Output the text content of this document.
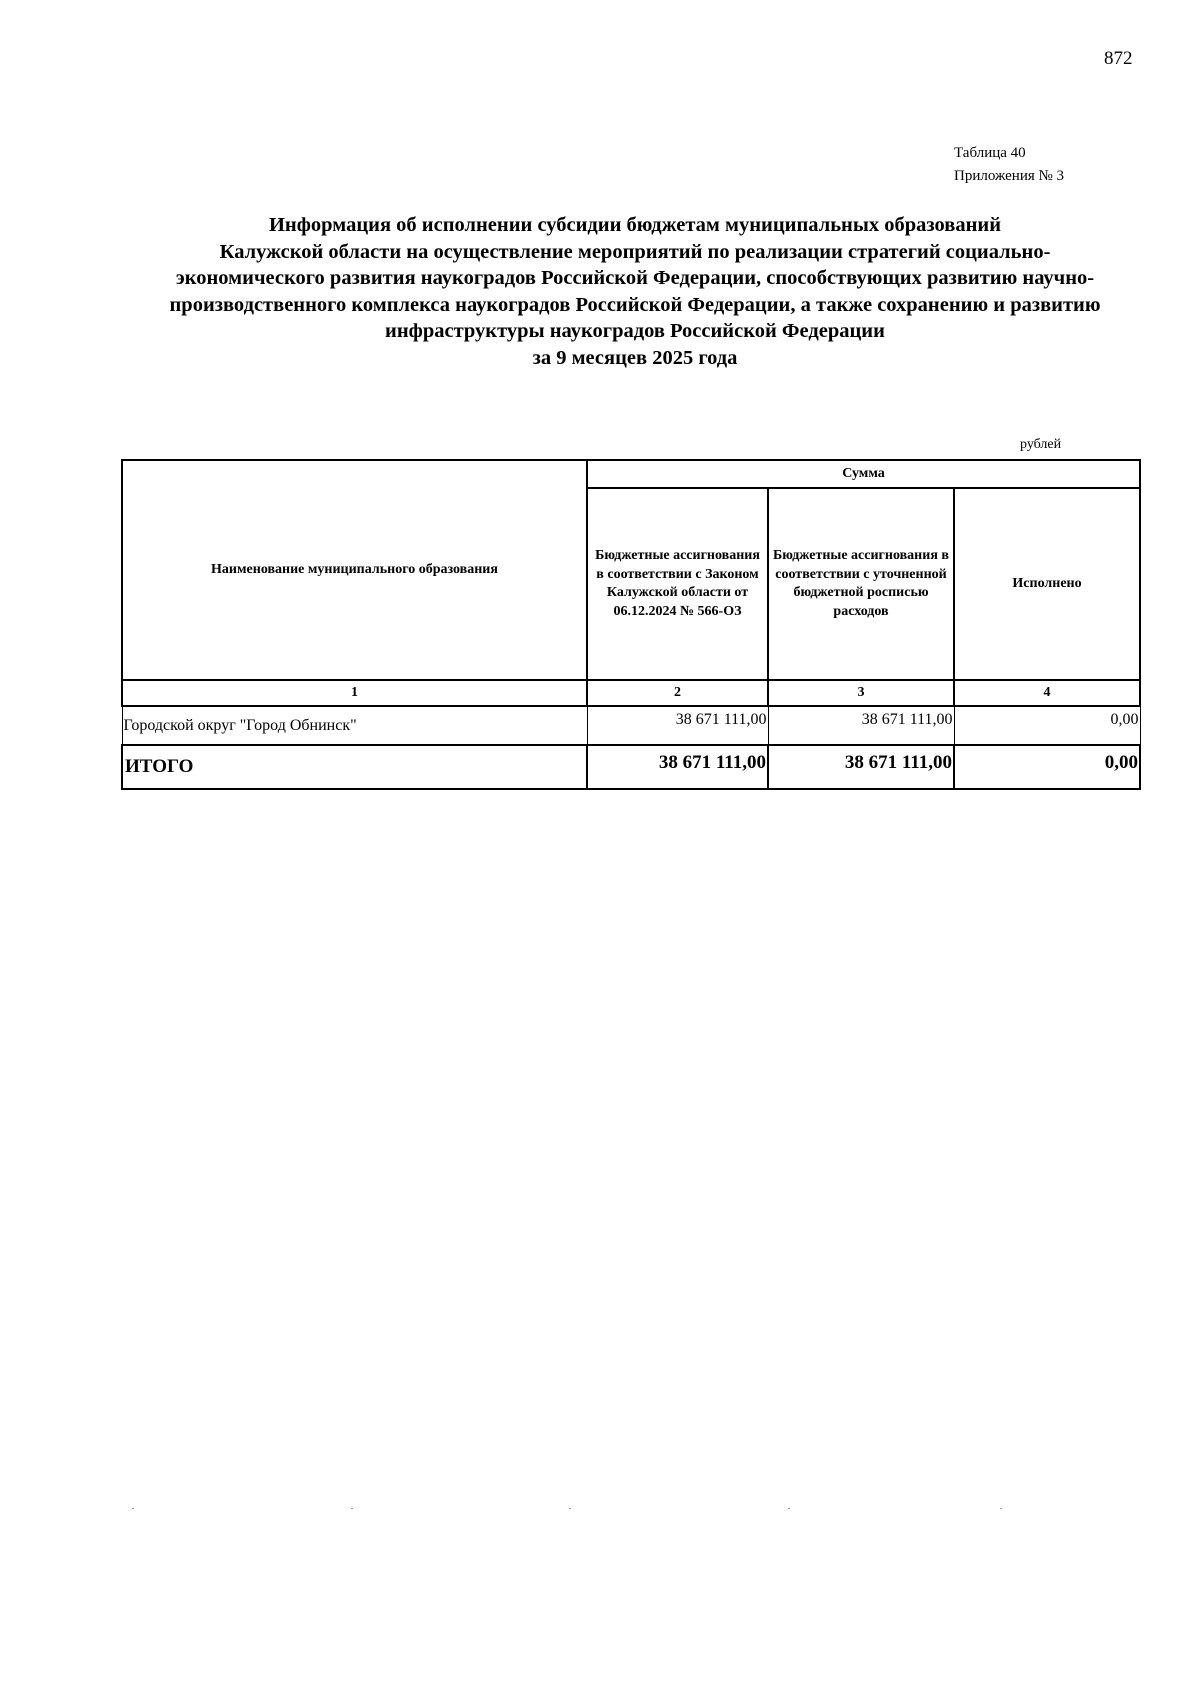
872
Таблица 40
Приложения № 3
Информация об исполнении субсидии бюджетам муниципальных образований
Калужской области на осуществление мероприятий по реализации стратегий социально-
экономического развития наукоградов Российской Федерации, способствующих развитию научно-
производственного комплекса наукоградов Российской Федерации, а также сохранению и развитию
инфраструктуры наукоградов Российской Федерации
за 9 месяцев 2025 года
рублей
Наименование муниципального образования	Сумма		
	Бюджетные ассигнования в соответствии с Законом Калужской области от 06.12.2024 № 566-ОЗ	Бюджетные ассигнования в соответствии с уточненной бюджетной росписью расходов	Исполнено
1	2	3	4
Городской округ "Город Обнинск"	38 671 111,00	38 671 111,00	0,00
ИТОГО	38 671 111,00	38 671 111,00	0,00
